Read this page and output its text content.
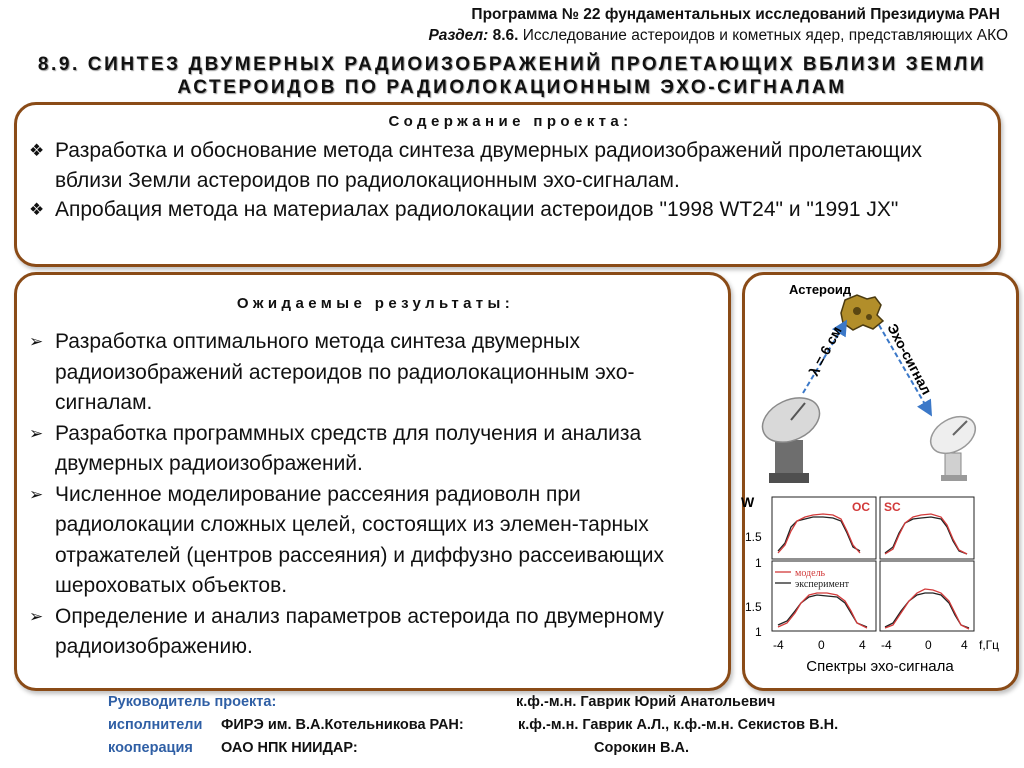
Программа № 22 фундаментальных исследований Президиума РАН
Раздел: 8.6. Исследование астероидов и кометных ядер, представляющих АКО
8.9. СИНТЕЗ ДВУМЕРНЫХ РАДИОИЗОБРАЖЕНИЙ ПРОЛЕТАЮЩИХ ВБЛИЗИ ЗЕМЛИ
АСТЕРОИДОВ ПО РАДИОЛОКАЦИОННЫМ ЭХО-СИГНАЛАМ
Содержание проекта:
❖ Разработка и обоснование метода синтеза двумерных радиоизображений пролетающих вблизи Земли астероидов по радиолокационным эхо-сигналам.
❖ Апробация метода на материалах радиолокации астероидов "1998 WT24" и "1991 JX"
Ожидаемые результаты:
➢ Разработка оптимального метода синтеза двумерных радиоизображений астероидов по радиолокационным эхо-сигналам.
➢ Разработка программных средств для получения и анализа двумерных радиоизображений.
➢ Численное моделирование рассеяния радиоволн при радиолокации сложных целей, состоящих из элемен-тарных отражателей (центров рассеяния) и диффузно рассеивающих шероховатых объектов.
➢ Определение и анализ параметров астероида по двумерному радиоизображению.
Астероид
λ = 6 см	Эхо-сигнал
W	OC SC
модель
эксперимент
1.5
1
1.5
1
-4	0	4 -4	0 4 f,Гц
Спектры эхо-сигнала
Руководитель проекта:	к.ф.-м.н. Гаврик Юрий Анатольевич
исполнители ФИРЭ им. В.А.Котельникова РАН:	к.ф.-м.н. Гаврик А.Л., к.ф.-м.н. Секистов В.Н.
кооперация ОАО НПК НИИДАР:	Сорокин В.А.
